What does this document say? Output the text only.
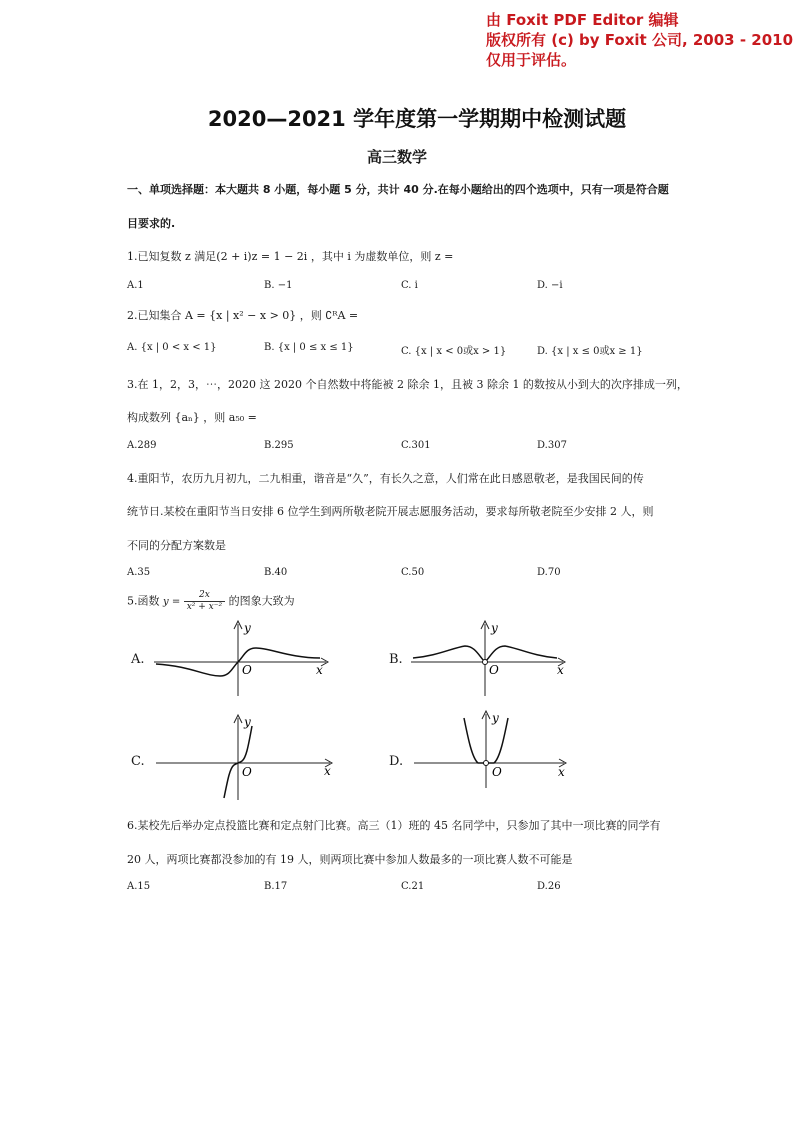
由 Foxit PDF Editor 编辑
版权所有 (c) by Foxit 公司, 2003 - 2010
仅用于评估。
2020—2021 学年度第一学期期中检测试题
高三数学
一、单项选择题：本大题共 8 小题，每小题 5 分，共计 40 分.在每小题给出的四个选项中，只有一项是符合题
目要求的.
1.已知复数 z 满足(2 + i)z = 1 − 2i ，其中 i 为虚数单位，则 z =
A.1	B. −1	C. i	D. −i
2.已知集合 A = {x | x² − x > 0} ，则 ∁ᴿA =
A. {x | 0 < x < 1}	B. {x | 0 ≤ x ≤ 1}	C. {x | x < 0或x > 1}	D. {x | x ≤ 0或x ≥ 1}
3.在 1，2，3，⋯，2020 这 2020 个自然数中将能被 2 除余 1，且被 3 除余 1 的数按从小到大的次序排成一列，
构成数列 {aₙ} ，则 a₅₀ =
A.289	B.295	C.301	D.307
4.重阳节，农历九月初九，二九相重，谐音是“久”，有长久之意，人们常在此日感恩敬老，是我国民间的传
统节日.某校在重阳节当日安排 6 位学生到两所敬老院开展志愿服务活动，要求每所敬老院至少安排 2 人，则
不同的分配方案数是
A.35	B.40	C.50	D.70
5.函数 $y = \frac{2x}{\text{x² + x⁻²}}$ 的图象大致为
A.
O	x
y
B.
O	x
y
C.
O	x
y
D.
O	x
y
6.某校先后举办定点投篮比赛和定点射门比赛。高三（1）班的 45 名同学中，只参加了其中一项比赛的同学有
20 人，两项比赛都没参加的有 19 人，则两项比赛中参加人数最多的一项比赛人数不可能是
A.15	B.17	C.21	D.26
